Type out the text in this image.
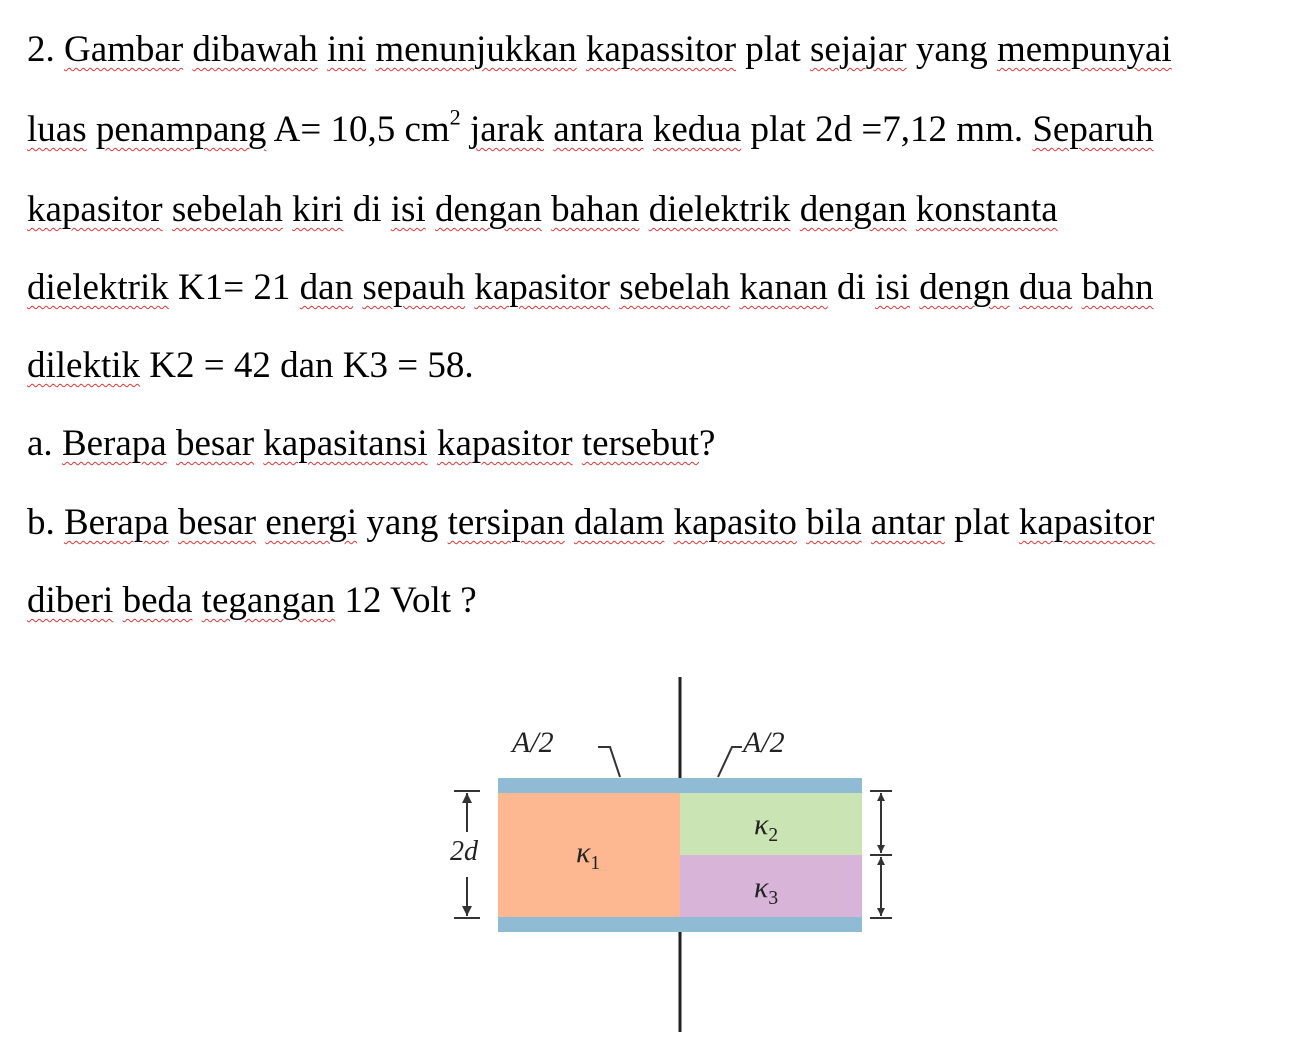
2. Gambar dibawah ini menunjukkan kapassitor plat sejajar yang mempunyai
luas penampang A= 10,5 $cm^2$ jarak antara kedua plat 2d =7,12 mm. Separuh
kapasitor sebelah kiri di isi dengan bahan dielektrik dengan konstanta
dielektrik K1= 21 dan sepauh kapasitor sebelah kanan di isi dengn dua bahn
dilektik K2 = 42 dan K3 = 58.
a. Berapa besar kapasitansi kapasitor tersebut?
b. Berapa besar energi yang tersipan dalam kapasito bila antar plat kapasitor
diberi beda tegangan 12 Volt ?
A/2	A/2
2d	$\kappa_1$
$\kappa_2$
$\kappa_3$
